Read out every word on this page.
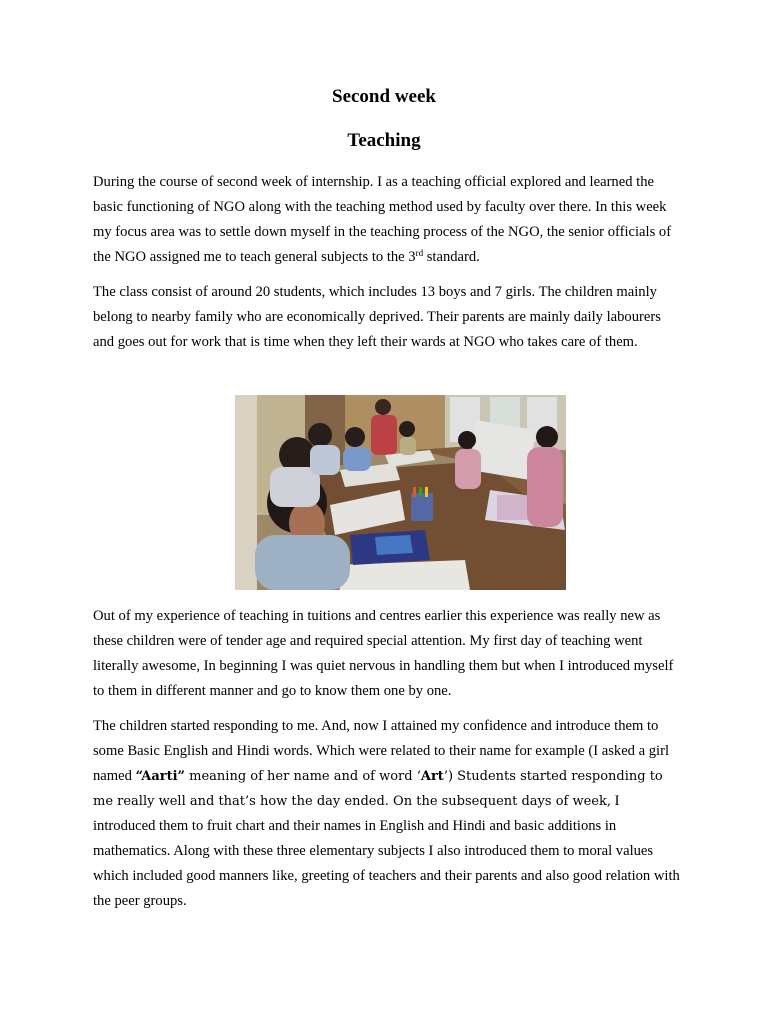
Second week
Teaching

During the course of second week of internship. I as a teaching official explored and learned the basic functioning of NGO along with the teaching method used by faculty over there. In this week my focus area was to settle down myself in the teaching process of the NGO, the senior officials of the NGO assigned me to teach general subjects to the 3rd standard.

The class consist of around 20 students, which includes 13 boys and 7 girls. The children mainly belong to nearby family who are economically deprived. Their parents are mainly daily labourers and goes out for work that is time when they left their wards at NGO who takes care of them.

Out of my experience of teaching in tuitions and centres earlier this experience was really new as these children were of tender age and required special attention. My first day of teaching went literally awesome, In beginning I was quiet nervous in handling them but when I introduced myself to them in different manner and go to know them one by one.

The children started responding to me. And, now I attained my confidence and introduce them to some Basic English and Hindi words. Which were related to their name for example (I asked a girl named “Aarti” meaning of her name and of word ‘Art’) Students started responding to me really well and that’s how the day ended. On the subsequent days of week, I introduced them to fruit chart and their names in English and Hindi and basic additions in mathematics. Along with these three elementary subjects I also introduced them to moral values which included good manners like, greeting of teachers and their parents and also good relation with the peer groups.
